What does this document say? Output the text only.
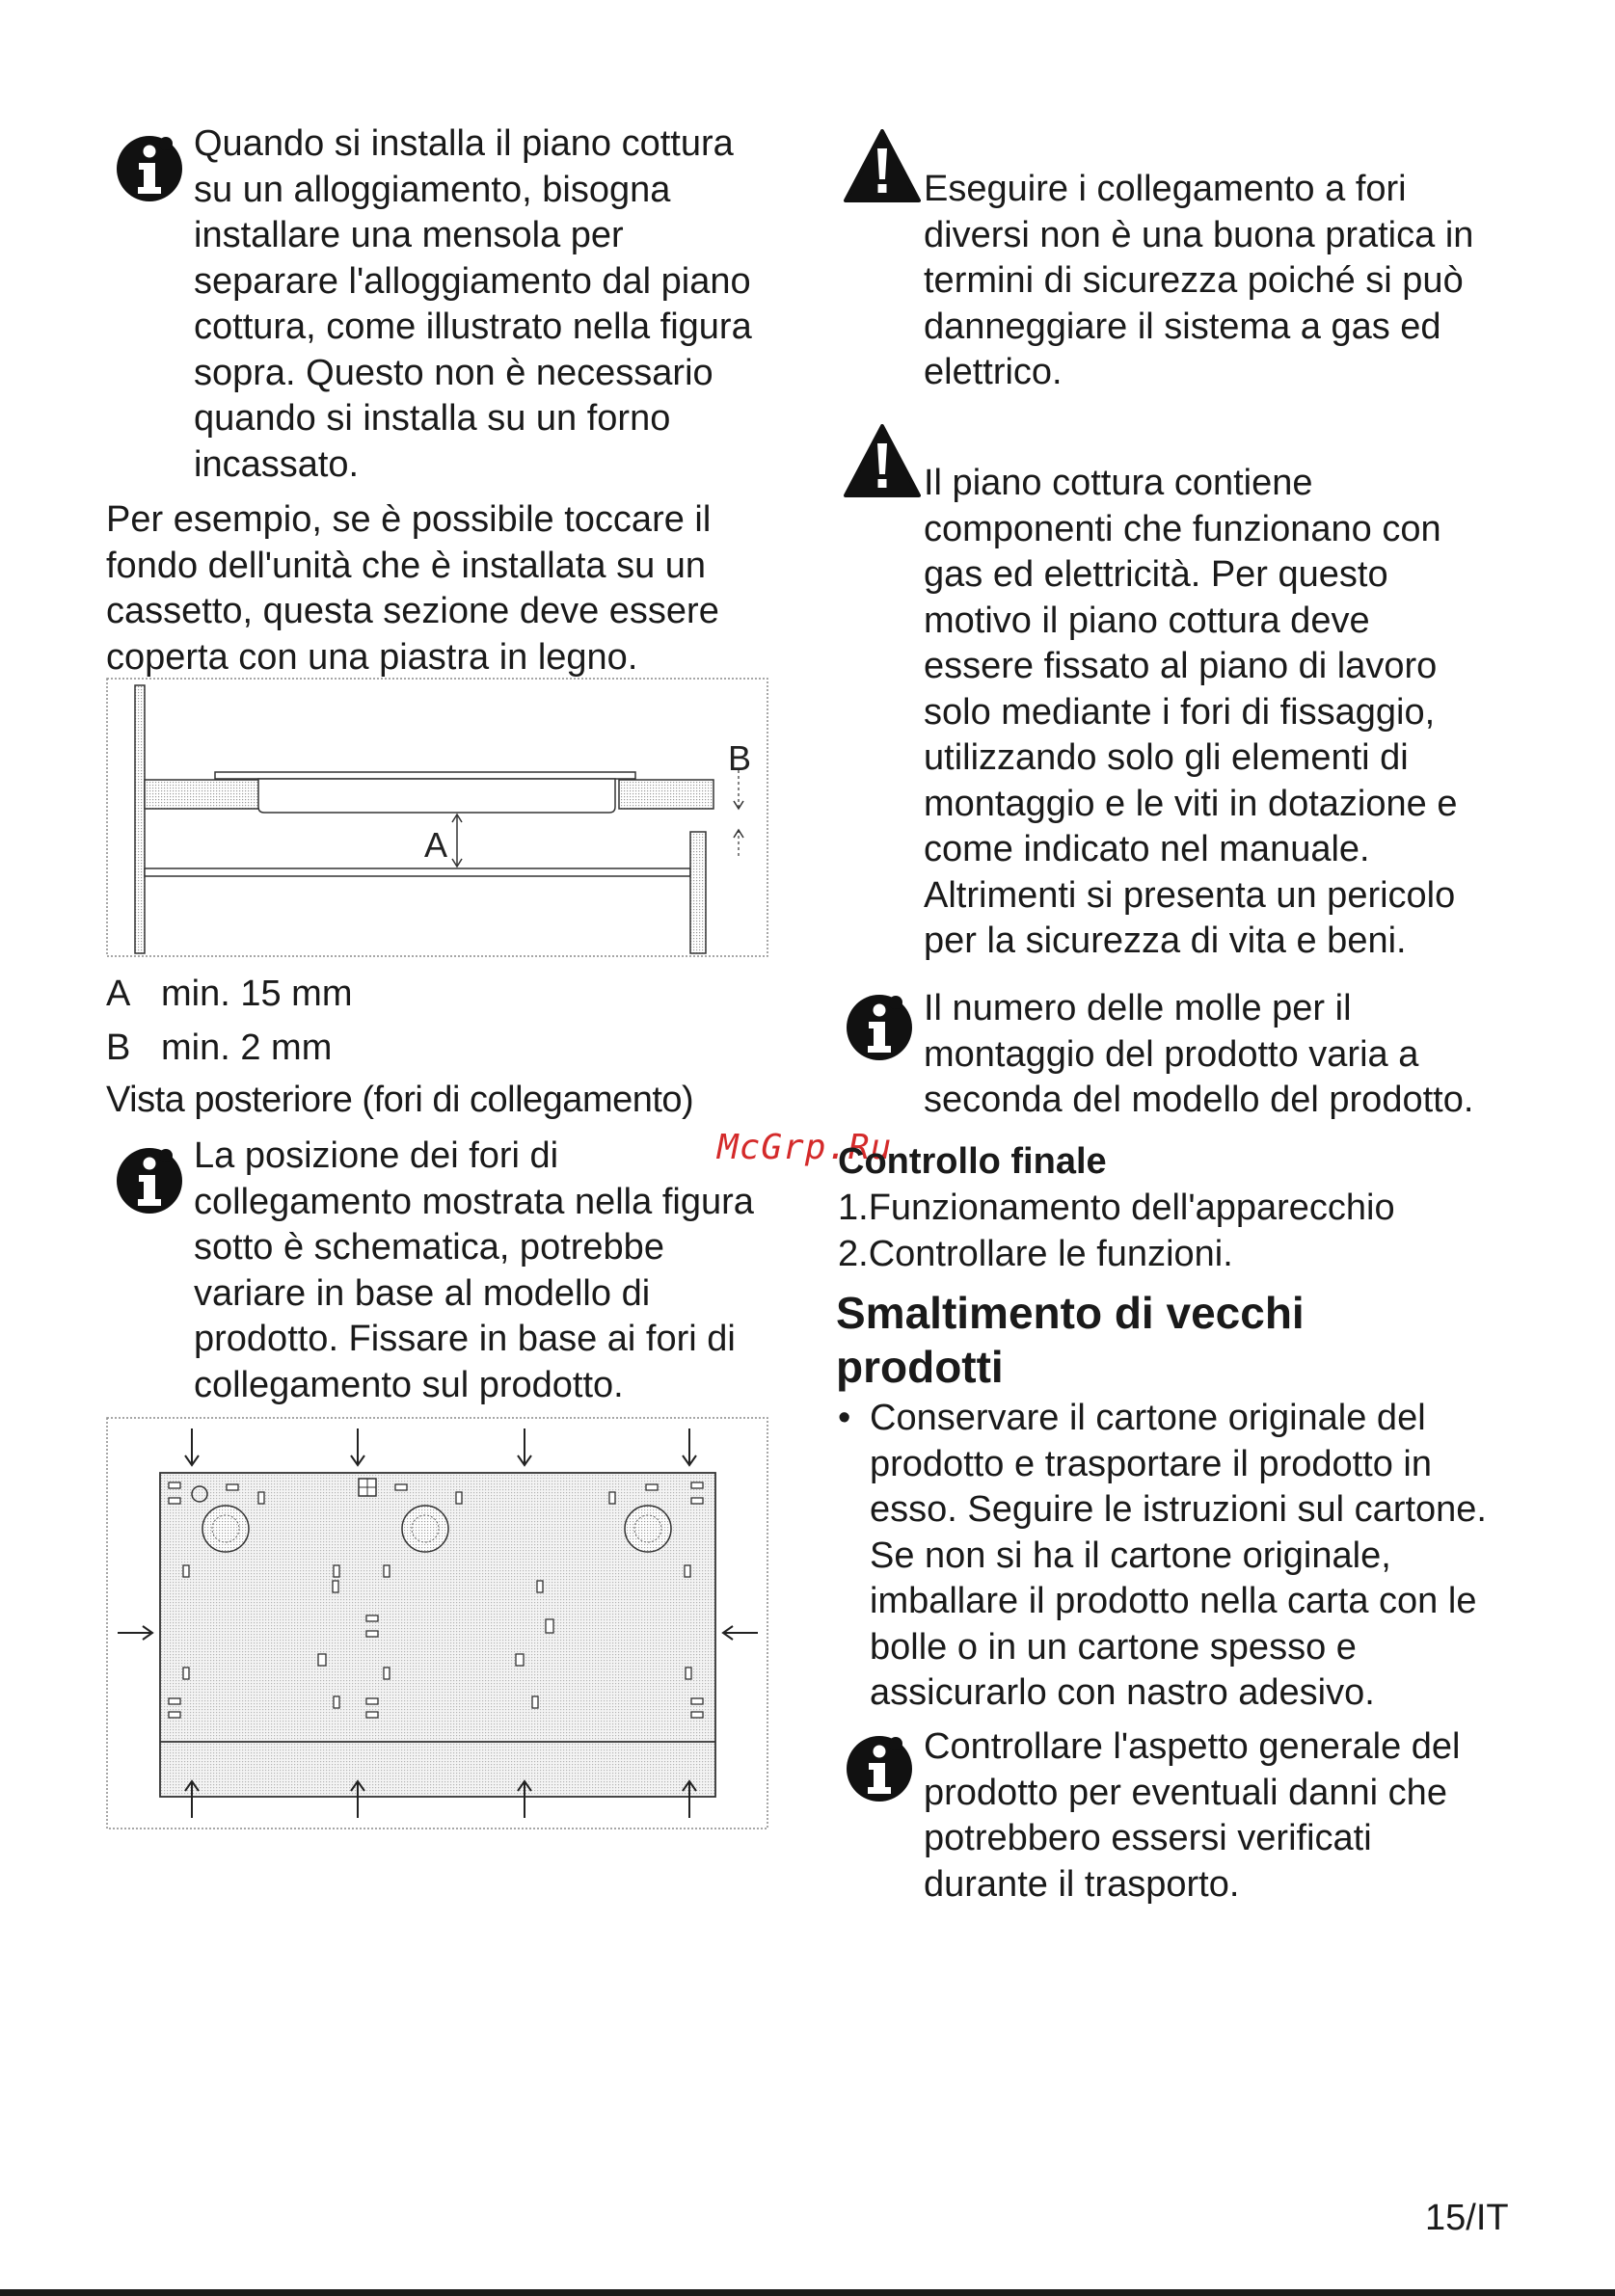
Quando si installa il piano cottura
su un alloggiamento, bisogna
installare una mensola per
separare l'alloggiamento dal piano
cottura, come illustrato nella figura
sopra. Questo non è necessario
quando si installa su un forno
incassato.
Per esempio, se è possibile toccare il
fondo dell'unità che è installata su un
cassetto, questa sezione deve essere
coperta con una piastra in legno.
A
B
A min. 15 mm
B min. 2 mm
Vista posteriore (fori di collegamento)
La posizione dei fori di
collegamento mostrata nella figura
sotto è schematica, potrebbe
variare in base al modello di
prodotto. Fissare in base ai fori di
collegamento sul prodotto.
Eseguire i collegamento a fori
diversi non è una buona pratica in
termini di sicurezza poiché si può
danneggiare il sistema a gas ed
elettrico.
Il piano cottura contiene
componenti che funzionano con
gas ed elettricità. Per questo
motivo il piano cottura deve
essere fissato al piano di lavoro
solo mediante i fori di fissaggio,
utilizzando solo gli elementi di
montaggio e le viti in dotazione e
come indicato nel manuale.
Altrimenti si presenta un pericolo
per la sicurezza di vita e beni.
Il numero delle molle per il
montaggio del prodotto varia a
seconda del modello del prodotto.
McGrp.Ru
Controllo finale
1.Funzionamento dell'apparecchio
2.Controllare le funzioni.
Smaltimento di vecchi
prodotti
• Conservare il cartone originale del
prodotto e trasportare il prodotto in
esso. Seguire le istruzioni sul cartone.
Se non si ha il cartone originale,
imballare il prodotto nella carta con le
bolle o in un cartone spesso e
assicurarlo con nastro adesivo.
Controllare l'aspetto generale del
prodotto per eventuali danni che
potrebbero essersi verificati
durante il trasporto.
15/IT
